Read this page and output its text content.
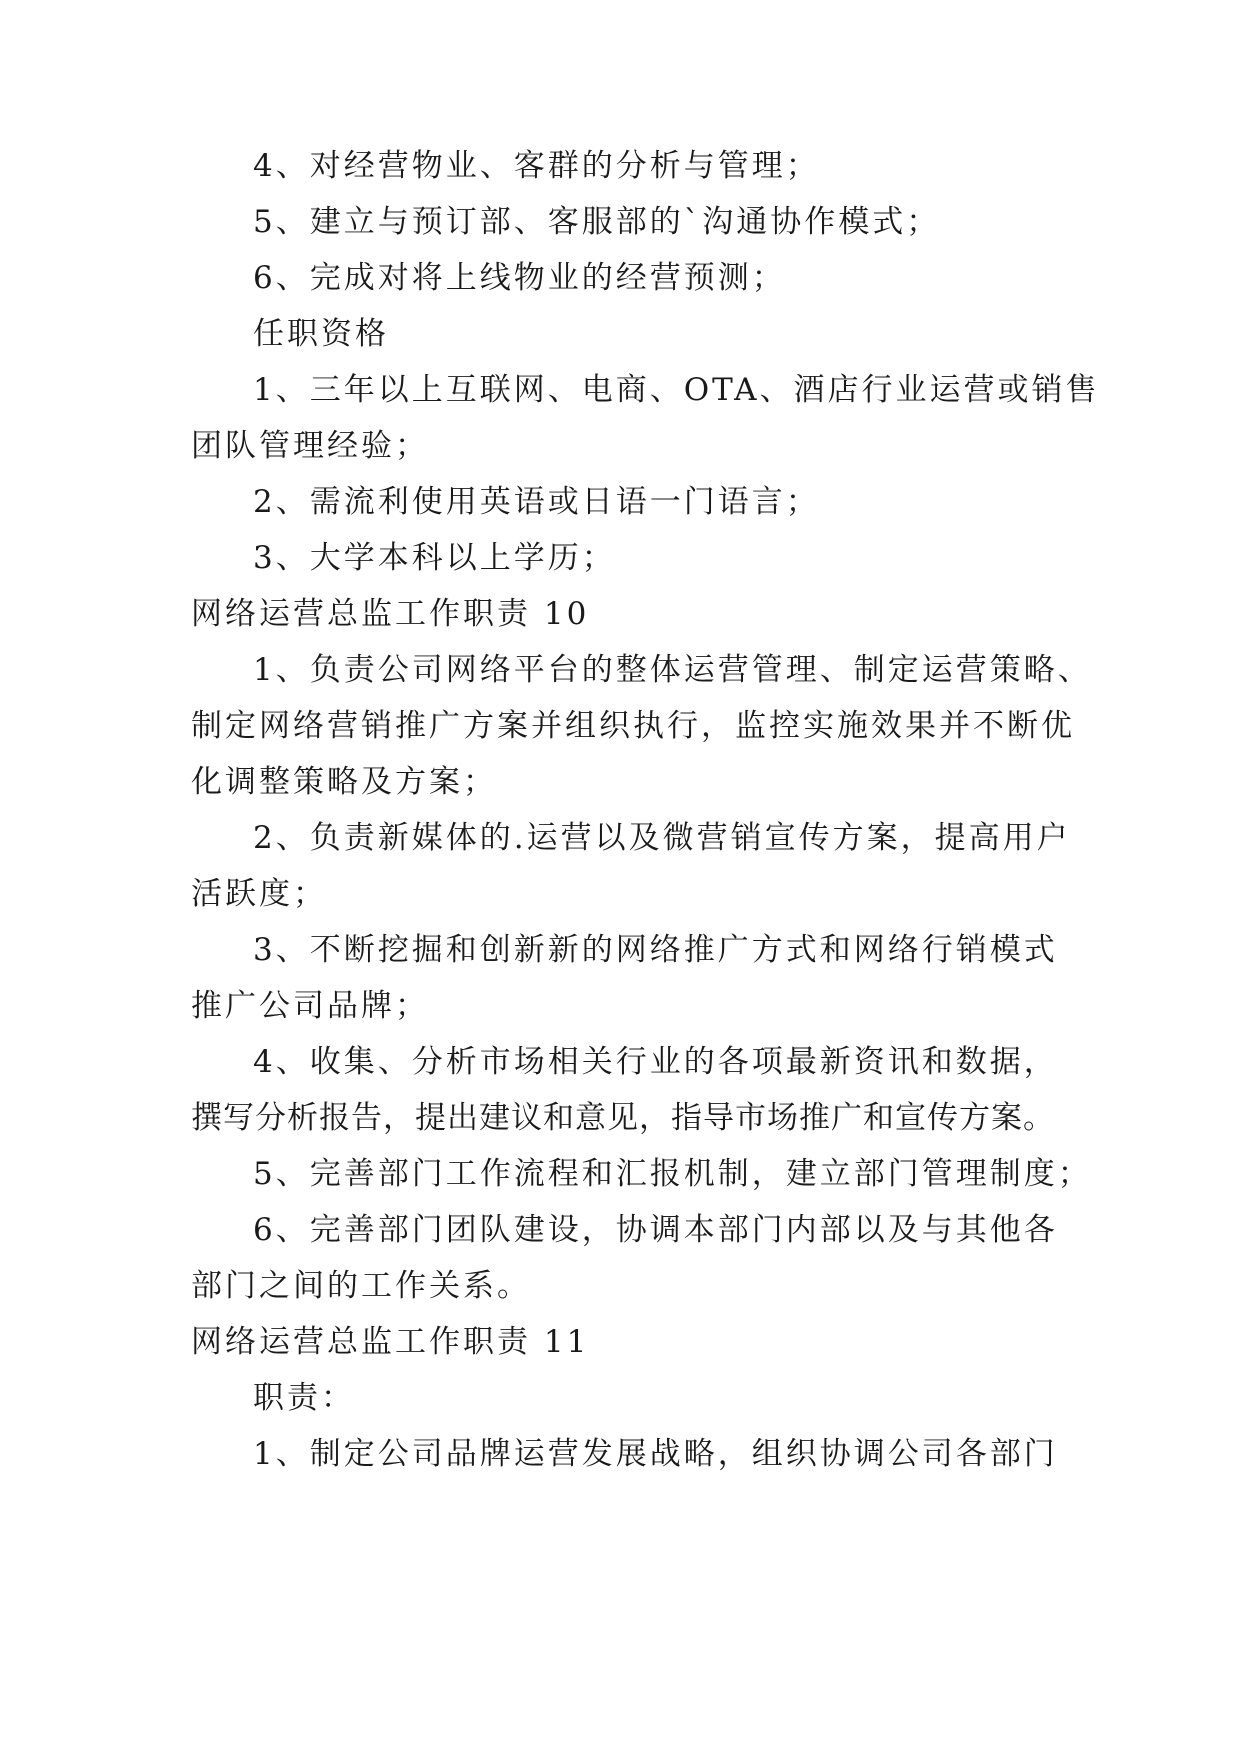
4、对经营物业、客群的分析与管理；
5、建立与预订部、客服部的`沟通协作模式；
6、完成对将上线物业的经营预测；
任职资格
1、三年以上互联网、电商、OTA、酒店行业运营或销售
团队管理经验；
2、需流利使用英语或日语一门语言；
3、大学本科以上学历；
网络运营总监工作职责 10
1、负责公司网络平台的整体运营管理、制定运营策略、
制定网络营销推广方案并组织执行，监控实施效果并不断优
化调整策略及方案；
2、负责新媒体的.运营以及微营销宣传方案，提高用户
活跃度；
3、不断挖掘和创新新的网络推广方式和网络行销模式
推广公司品牌；
4、收集、分析市场相关行业的各项最新资讯和数据，
撰写分析报告，提出建议和意见，指导市场推广和宣传方案。
5、完善部门工作流程和汇报机制，建立部门管理制度；
6、完善部门团队建设，协调本部门内部以及与其他各
部门之间的工作关系。
网络运营总监工作职责 11
职责：
1、制定公司品牌运营发展战略，组织协调公司各部门
